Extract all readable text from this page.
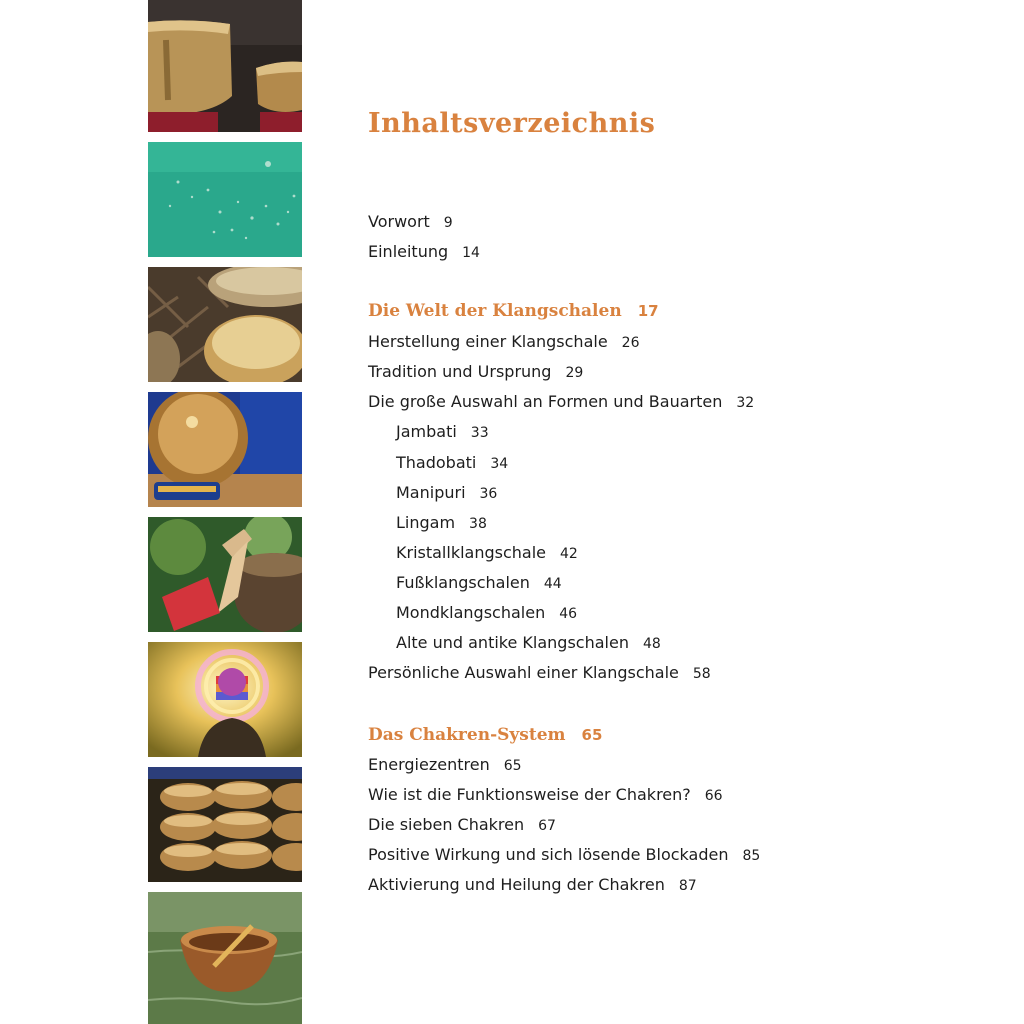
Inhaltsverzeichnis
Vorwort 9
Einleitung 14
Die Welt der Klangschalen 17
Herstellung einer Klangschale 26
Tradition und Ursprung 29
Die große Auswahl an Formen und Bauarten 32
Jambati 33
Thadobati 34
Manipuri 36
Lingam 38
Kristallklangschale 42
Fußklangschalen 44
Mondklangschalen 46
Alte und antike Klangschalen 48
Persönliche Auswahl einer Klangschale 58
Das Chakren-System 65
Energiezentren 65
Wie ist die Funktionsweise der Chakren? 66
Die sieben Chakren 67
Positive Wirkung und sich lösende Blockaden 85
Aktivierung und Heilung der Chakren 87
